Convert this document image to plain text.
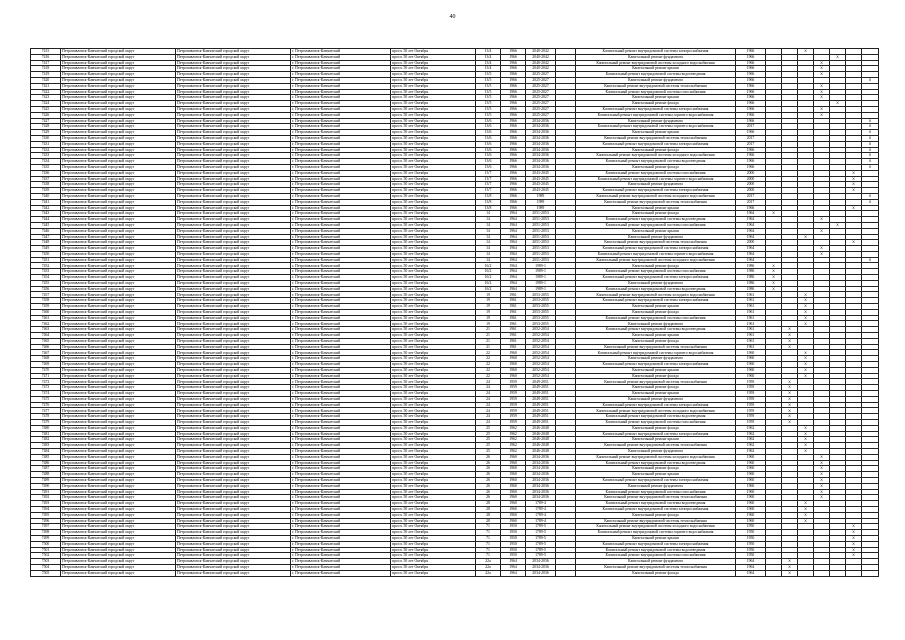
40
7415	Петропавловск-Камчатский городской округ	Петропавловск-Камчатский городской округ	г. Петропавловск-Камчатский	просп. 50 лет Октября	13/4	1966	2040-2042		Капитальный ремонт внутридомовой системы электроснабжения	1966			X				
7416	Петропавловск-Камчатский городской округ	Петропавловск-Камчатский городской округ	г. Петропавловск-Камчатский	просп. 50 лет Октября	13/4	1966	2040-2042		Капитальный ремонт фундамента	1966					X		
7417	Петропавловск-Камчатский городской округ	Петропавловск-Камчатский городской округ	г. Петропавловск-Камчатский	просп. 50 лет Октября	13/4	1966	2040-2042		Капитальный ремонт внутридомовой системы холодного водоснабжения	1966				X			
7418	Петропавловск-Камчатский городской округ	Петропавловск-Камчатский городской округ	г. Петропавловск-Камчатский	просп. 50 лет Октября	13/4	1966	2040-2042		Капитальный ремонт крыши	1966				X			
7419	Петропавловск-Камчатский городской округ	Петропавловск-Камчатский городской округ	г. Петропавловск-Камчатский	просп. 50 лет Октября	13/5	1966	2025-2027		Капитальный ремонт внутридомовой системы водоотведения	1966				X			
7420	Петропавловск-Камчатский городской округ	Петропавловск-Камчатский городской округ	г. Петропавловск-Камчатский	просп. 50 лет Октября	13/5	1966	2025-2027		Капитальный ремонт фундамента	1966							X
7421	Петропавловск-Камчатский городской округ	Петропавловск-Камчатский городской округ	г. Петропавловск-Камчатский	просп. 50 лет Октября	13/5	1966	2025-2027		Капитальный ремонт внутридомовой системы теплоснабжения	1966				X			
7422	Петропавловск-Камчатский городской округ	Петропавловск-Камчатский городской округ	г. Петропавловск-Камчатский	просп. 50 лет Октября	13/5	1966	2025-2027		Капитальный ремонт внутридомовой системы газоснабжения	1966				X			
7423	Петропавловск-Камчатский городской округ	Петропавловск-Камчатский городской округ	г. Петропавловск-Камчатский	просп. 50 лет Октября	13/5	1966	2025-2027		Капитальный ремонт крыши	1966				X			
7424	Петропавловск-Камчатский городской округ	Петропавловск-Камчатский городской округ	г. Петропавловск-Камчатский	просп. 50 лет Октября	13/5	1966	2025-2027		Капитальный ремонт фасада	1966					X		
7425	Петропавловск-Камчатский городской округ	Петропавловск-Камчатский городской округ	г. Петропавловск-Камчатский	просп. 50 лет Октября	13/5	1966	2025-2027		Капитальный ремонт внутридомовой системы электроснабжения	1966				X			
7426	Петропавловск-Камчатский городской округ	Петропавловск-Камчатский городской округ	г. Петропавловск-Камчатский	просп. 50 лет Октября	13/5	1966	2025-2027		Капитальный ремонт внутридомовой системы горячего водоснабжения	1966				X			
7427	Петропавловск-Камчатский городской округ	Петропавловск-Камчатский городской округ	г. Петропавловск-Камчатский	просп. 50 лет Октября	13/6	1966	2034-2036		Капитальный ремонт фундамента	1966							X
7428	Петропавловск-Камчатский городской округ	Петропавловск-Камчатский городской округ	г. Петропавловск-Камчатский	просп. 50 лет Октября	13/6	1966	2034-2036		Капитальный ремонт внутридомовой системы горячего водоснабжения	2017							X
7429	Петропавловск-Камчатский городской округ	Петропавловск-Камчатский городской округ	г. Петропавловск-Камчатский	просп. 50 лет Октября	13/6	1966	2034-2036		Капитальный ремонт крыши	1966							X
7430	Петропавловск-Камчатский городской округ	Петропавловск-Камчатский городской округ	г. Петропавловск-Камчатский	просп. 50 лет Октября	13/6	1966	2034-2036		Капитальный ремонт внутридомовой системы теплоснабжения	2017							X
7431	Петропавловск-Камчатский городской округ	Петропавловск-Камчатский городской округ	г. Петропавловск-Камчатский	просп. 50 лет Октября	13/6	1966	2034-2036		Капитальный ремонт внутридомовой системы электроснабжения	2017							X
7432	Петропавловск-Камчатский городской округ	Петропавловск-Камчатский городской округ	г. Петропавловск-Камчатский	просп. 50 лет Октября	13/6	1966	2034-2036		Капитальный ремонт фасада	1966							X
7433	Петропавловск-Камчатский городской округ	Петропавловск-Камчатский городской округ	г. Петропавловск-Камчатский	просп. 50 лет Октября	13/6	1966	2034-2036		Капитальный ремонт внутридомовой системы холодного водоснабжения	1966							X
7434	Петропавловск-Камчатский городской округ	Петропавловск-Камчатский городской округ	г. Петропавловск-Камчатский	просп. 50 лет Октября	13/6	1966	2034-2036		Капитальный ремонт внутридомовой системы водоотведения	1966							X
7435	Петропавловск-Камчатский городской округ	Петропавловск-Камчатский городской округ	г. Петропавловск-Камчатский	просп. 50 лет Октября	13/6	1966	2034-2036		Капитальный ремонт фасада	1966							X
7436	Петропавловск-Камчатский городской округ	Петропавловск-Камчатский городской округ	г. Петропавловск-Камчатский	просп. 50 лет Октября	13/7	1966	2043-2045		Капитальный ремонт внутридомовой системы газоснабжения	2000						X	
7437	Петропавловск-Камчатский городской округ	Петропавловск-Камчатский городской округ	г. Петропавловск-Камчатский	просп. 50 лет Октября	13/7	1966	2043-2045		Капитальный ремонт внутридомовой системы горячего водоснабжения	2000						X	
7438	Петропавловск-Камчатский городской округ	Петропавловск-Камчатский городской округ	г. Петропавловск-Камчатский	просп. 50 лет Октября	13/7	1966	2043-2045		Капитальный ремонт фундамента	2000						X	
7439	Петропавловск-Камчатский городской округ	Петропавловск-Камчатский городской округ	г. Петропавловск-Камчатский	просп. 50 лет Октября	13/7	1966	2043-2045		Капитальный ремонт внутридомовой системы электроснабжения	2000						X	
7440	Петропавловск-Камчатский городской округ	Петропавловск-Камчатский городской округ	г. Петропавловск-Камчатский	просп. 50 лет Октября	13/8	1966	1989		Капитальный ремонт внутридомовой системы холодного водоснабжения	2017							X
7441	Петропавловск-Камчатский городской округ	Петропавловск-Камчатский городской округ	г. Петропавловск-Камчатский	просп. 50 лет Октября	13/8	1966	1989		Капитальный ремонт внутридомовой системы теплоснабжения	2017							X
7442	Петропавловск-Камчатский городской округ	Петропавловск-Камчатский городской округ	г. Петропавловск-Камчатский	просп. 50 лет Октября	13/8	1966	1989		Капитальный ремонт крыши	1966						X	
7443	Петропавловск-Камчатский городской округ	Петропавловск-Камчатский городской округ	г. Петропавловск-Камчатский	просп. 50 лет Октября	14	1964	2051-2053		Капитальный ремонт фасада	1964	X						
7444	Петропавловск-Камчатский городской округ	Петропавловск-Камчатский городской округ	г. Петропавловск-Камчатский	просп. 50 лет Октября	14	1964	2051-2053		Капитальный ремонт внутридомовой системы водоотведения	1964				X			
7445	Петропавловск-Камчатский городской округ	Петропавловск-Камчатский городской округ	г. Петропавловск-Камчатский	просп. 50 лет Октября	14	1964	2051-2053		Капитальный ремонт внутридомовой системы газоснабжения	1964					X		
7446	Петропавловск-Камчатский городской округ	Петропавловск-Камчатский городской округ	г. Петропавловск-Камчатский	просп. 50 лет Октября	14	1964	2051-2053		Капитальный ремонт крыши	1964				X			
7447	Петропавловск-Камчатский городской округ	Петропавловск-Камчатский городской округ	г. Петропавловск-Камчатский	просп. 50 лет Октября	14	1964	2051-2053		Капитальный ремонт фундамента	1964			X				
7448	Петропавловск-Камчатский городской округ	Петропавловск-Камчатский городской округ	г. Петропавловск-Камчатский	просп. 50 лет Октября	14	1964	2051-2053		Капитальный ремонт внутридомовой системы теплоснабжения	2000						X	
7449	Петропавловск-Камчатский городской округ	Петропавловск-Камчатский городской округ	г. Петропавловск-Камчатский	просп. 50 лет Октября	14	1964	2051-2053		Капитальный ремонт внутридомовой системы электроснабжения	1964				X			
7450	Петропавловск-Камчатский городской округ	Петропавловск-Камчатский городской округ	г. Петропавловск-Камчатский	просп. 50 лет Октября	14	1964	2051-2053		Капитальный ремонт внутридомовой системы горячего водоснабжения	1964				X			
7451	Петропавловск-Камчатский городской округ	Петропавловск-Камчатский городской округ	г. Петропавловск-Камчатский	просп. 50 лет Октября	14	1964	2051-2053		Капитальный ремонт внутридомовой системы холодного водоснабжения	1964							X
7452	Петропавловск-Камчатский городской округ	Петропавловск-Камчатский городской округ	г. Петропавловск-Камчатский	просп. 50 лет Октября	16/2	1964	1989-1		Капитальный ремонт фасада	1986	X						
7453	Петропавловск-Камчатский городской округ	Петропавловск-Камчатский городской округ	г. Петропавловск-Камчатский	просп. 50 лет Октября	16/2	1964	1989-1		Капитальный ремонт внутридомовой системы газоснабжения	1986	X						
7454	Петропавловск-Камчатский городской округ	Петропавловск-Камчатский городской округ	г. Петропавловск-Камчатский	просп. 50 лет Октября	16/2	1964	1989-1		Капитальный ремонт внутридомовой системы электроснабжения	1986	X						
7455	Петропавловск-Камчатский городской округ	Петропавловск-Камчатский городской округ	г. Петропавловск-Камчатский	просп. 50 лет Октября	16/2	1964	1989-1		Капитальный ремонт фундамента	1986	X						
7456	Петропавловск-Камчатский городской округ	Петропавловск-Камчатский городской округ	г. Петропавловск-Камчатский	просп. 50 лет Октября	16/2	1964	1989-1		Капитальный ремонт внутридомовой системы водоотведения	1986	X						
7457	Петропавловск-Камчатский городской округ	Петропавловск-Камчатский городской округ	г. Петропавловск-Камчатский	просп. 50 лет Октября	19	1961	2053-2055		Капитальный ремонт внутридомовой системы холодного водоснабжения	1961			X				
7458	Петропавловск-Камчатский городской округ	Петропавловск-Камчатский городской округ	г. Петропавловск-Камчатский	просп. 50 лет Октября	19	1961	2053-2055		Капитальный ремонт внутридомовой системы электроснабжения	1961			X				
7459	Петропавловск-Камчатский городской округ	Петропавловск-Камчатский городской округ	г. Петропавловск-Камчатский	просп. 50 лет Октября	19	1961	2053-2055		Капитальный ремонт крыши	1961			X				
7460	Петропавловск-Камчатский городской округ	Петропавловск-Камчатский городской округ	г. Петропавловск-Камчатский	просп. 50 лет Октября	19	1961	2053-2055		Капитальный ремонт фасада	1961			X				
7461	Петропавловск-Камчатский городской округ	Петропавловск-Камчатский городской округ	г. Петропавловск-Камчатский	просп. 50 лет Октября	19	1961	2053-2055		Капитальный ремонт внутридомовой системы газоснабжения	1961			X				
7462	Петропавловск-Камчатский городской округ	Петропавловск-Камчатский городской округ	г. Петропавловск-Камчатский	просп. 50 лет Октября	19	1961	2053-2055		Капитальный ремонт фундамента	1961			X				
7463	Петропавловск-Камчатский городской округ	Петропавловск-Камчатский городской округ	г. Петропавловск-Камчатский	просп. 50 лет Октября	21	1961	2052-2054		Капитальный ремонт внутридомовой системы водоотведения	1961		X					
7464	Петропавловск-Камчатский городской округ	Петропавловск-Камчатский городской округ	г. Петропавловск-Камчатский	просп. 50 лет Октября	21	1961	2052-2054		Капитальный ремонт крыши	1961		X					
7465	Петропавловск-Камчатский городской округ	Петропавловск-Камчатский городской округ	г. Петропавловск-Камчатский	просп. 50 лет Октября	21	1961	2052-2054		Капитальный ремонт фасада	1961		X					
7466	Петропавловск-Камчатский городской округ	Петропавловск-Камчатский городской округ	г. Петропавловск-Камчатский	просп. 50 лет Октября	21	1961	2052-2054		Капитальный ремонт внутридомовой системы теплоснабжения	1961		X					
7467	Петропавловск-Камчатский городской округ	Петропавловск-Камчатский городской округ	г. Петропавловск-Камчатский	просп. 50 лет Октября	22	1960	2052-2054		Капитальный ремонт внутридомовой системы горячего водоснабжения	1960			X				
7468	Петропавловск-Камчатский городской округ	Петропавловск-Камчатский городской округ	г. Петропавловск-Камчатский	просп. 50 лет Октября	22	1960	2052-2054		Капитальный ремонт фундамента	1960			X				
7469	Петропавловск-Камчатский городской округ	Петропавловск-Камчатский городской округ	г. Петропавловск-Камчатский	просп. 50 лет Октября	22	1960	2052-2054		Капитальный ремонт внутридомовой системы электроснабжения	1960			X				
7470	Петропавловск-Камчатский городской округ	Петропавловск-Камчатский городской округ	г. Петропавловск-Камчатский	просп. 50 лет Октября	22	1960	2052-2054		Капитальный ремонт крыши	1960			X				
7471	Петропавловск-Камчатский городской округ	Петропавловск-Камчатский городской округ	г. Петропавловск-Камчатский	просп. 50 лет Октября	22	1960	2052-2054		Капитальный ремонт фасада	1960			X				
7472	Петропавловск-Камчатский городской округ	Петропавловск-Камчатский городской округ	г. Петропавловск-Камчатский	просп. 50 лет Октября	24	1959	2049-2051		Капитальный ремонт внутридомовой системы теплоснабжения	1959		X					
7473	Петропавловск-Камчатский городской округ	Петропавловск-Камчатский городской округ	г. Петропавловск-Камчатский	просп. 50 лет Октября	24	1959	2049-2051		Капитальный ремонт фасада	1959		X					
7474	Петропавловск-Камчатский городской округ	Петропавловск-Камчатский городской округ	г. Петропавловск-Камчатский	просп. 50 лет Октября	24	1959	2049-2051		Капитальный ремонт крыши	1959		X					
7475	Петропавловск-Камчатский городской округ	Петропавловск-Камчатский городской округ	г. Петропавловск-Камчатский	просп. 50 лет Октября	24	1959	2049-2051		Капитальный ремонт фундамента	1959		X					
7476	Петропавловск-Камчатский городской округ	Петропавловск-Камчатский городской округ	г. Петропавловск-Камчатский	просп. 50 лет Октября	24	1959	2049-2051		Капитальный ремонт внутридомовой системы электроснабжения	1959		X					
7477	Петропавловск-Камчатский городской округ	Петропавловск-Камчатский городской округ	г. Петропавловск-Камчатский	просп. 50 лет Октября	24	1959	2049-2051		Капитальный ремонт внутридомовой системы холодного водоснабжения	1959		X					
7478	Петропавловск-Камчатский городской округ	Петропавловск-Камчатский городской округ	г. Петропавловск-Камчатский	просп. 50 лет Октября	24	1959	2049-2051		Капитальный ремонт внутридомовой системы водоотведения	1959		X					
7479	Петропавловск-Камчатский городской округ	Петропавловск-Камчатский городской округ	г. Петропавловск-Камчатский	просп. 50 лет Октября	24	1959	2049-2051		Капитальный ремонт внутридомовой системы газоснабжения	1959		X					
7480	Петропавловск-Камчатский городской округ	Петропавловск-Камчатский городской округ	г. Петропавловск-Камчатский	просп. 50 лет Октября	25	1962	2046-2048		Капитальный ремонт фасада	1962			X				
7481	Петропавловск-Камчатский городской округ	Петропавловск-Камчатский городской округ	г. Петропавловск-Камчатский	просп. 50 лет Октября	25	1962	2046-2048		Капитальный ремонт внутридомовой системы электроснабжения	1962			X				
7482	Петропавловск-Камчатский городской округ	Петропавловск-Камчатский городской округ	г. Петропавловск-Камчатский	просп. 50 лет Октября	25	1962	2046-2048		Капитальный ремонт крыши	1962			X				
7483	Петропавловск-Камчатский городской округ	Петропавловск-Камчатский городской округ	г. Петропавловск-Камчатский	просп. 50 лет Октября	25	1962	2046-2048		Капитальный ремонт внутридомовой системы теплоснабжения	1962			X				
7484	Петропавловск-Камчатский городской округ	Петропавловск-Камчатский городской округ	г. Петропавловск-Камчатский	просп. 50 лет Октября	25	1962	2046-2048		Капитальный ремонт фундамента	1962			X				
7485	Петропавловск-Камчатский городской округ	Петропавловск-Камчатский городской округ	г. Петропавловск-Камчатский	просп. 50 лет Октября	26	1960	2034-2036		Капитальный ремонт внутридомовой системы холодного водоснабжения	1960				X			
7486	Петропавловск-Камчатский городской округ	Петропавловск-Камчатский городской округ	г. Петропавловск-Камчатский	просп. 50 лет Октября	26	1960	2034-2036		Капитальный ремонт внутридомовой системы водоотведения	1960				X			
7487	Петропавловск-Камчатский городской округ	Петропавловск-Камчатский городской округ	г. Петропавловск-Камчатский	просп. 50 лет Октября	26	1960	2034-2036		Капитальный ремонт фасада	1960				X			
7488	Петропавловск-Камчатский городской округ	Петропавловск-Камчатский городской округ	г. Петропавловск-Камчатский	просп. 50 лет Октября	26	1960	2034-2036		Капитальный ремонт крыши	1960				X			
7489	Петропавловск-Камчатский городской округ	Петропавловск-Камчатский городской округ	г. Петропавловск-Камчатский	просп. 50 лет Октября	26	1960	2034-2036		Капитальный ремонт внутридомовой системы электроснабжения	1960				X			
7490	Петропавловск-Камчатский городской округ	Петропавловск-Камчатский городской округ	г. Петропавловск-Камчатский	просп. 50 лет Октября	26	1960	2034-2036		Капитальный ремонт фундамента	1960				X			
7491	Петропавловск-Камчатский городской округ	Петропавловск-Камчатский городской округ	г. Петропавловск-Камчатский	просп. 50 лет Октября	26	1960	2034-2036		Капитальный ремонт внутридомовой системы газоснабжения	1960				X			
7492	Петропавловск-Камчатский городской округ	Петропавловск-Камчатский городской округ	г. Петропавловск-Камчатский	просп. 50 лет Октября	26	1960	2034-2036		Капитальный ремонт внутридомовой системы теплоснабжения	1960				X			
7493	Петропавловск-Камчатский городской округ	Петропавловск-Камчатский городской округ	г. Петропавловск-Камчатский	просп. 50 лет Октября	28	1960	1789-4		Капитальный ремонт внутридомовой системы водоотведения	1960			X				
7494	Петропавловск-Камчатский городской округ	Петропавловск-Камчатский городской округ	г. Петропавловск-Камчатский	просп. 50 лет Октября	28	1960	1789-4		Капитальный ремонт внутридомовой системы электроснабжения	1960			X				
7495	Петропавловск-Камчатский городской округ	Петропавловск-Камчатский городской округ	г. Петропавловск-Камчатский	просп. 50 лет Октября	28	1960	1789-4		Капитальный ремонт фасада	1960			X				
7496	Петропавловск-Камчатский городской округ	Петропавловск-Камчатский городской округ	г. Петропавловск-Камчатский	просп. 50 лет Октября	28	1960	1789-4		Капитальный ремонт внутридомовой системы теплоснабжения	1960			X				
7497	Петропавловск-Камчатский городской округ	Петропавловск-Камчатский городской округ	г. Петропавловск-Камчатский	просп. 50 лет Октября	71	1950	1789-5		Капитальный ремонт внутридомовой системы холодного водоснабжения	1950						X	
7498	Петропавловск-Камчатский городской округ	Петропавловск-Камчатский городской округ	г. Петропавловск-Камчатский	просп. 50 лет Октября	71	1950	1789-5		Капитальный ремонт внутридомовой системы горячего водоснабжения	1950						X	
7499	Петропавловск-Камчатский городской округ	Петропавловск-Камчатский городской округ	г. Петропавловск-Камчатский	просп. 50 лет Октября	71	1950	1789-5		Капитальный ремонт крыши	1950						X	
7500	Петропавловск-Камчатский городской округ	Петропавловск-Камчатский городской округ	г. Петропавловск-Камчатский	просп. 50 лет Октября	71	1950	1789-5		Капитальный ремонт внутридомовой системы электроснабжения	1950						X	
7501	Петропавловск-Камчатский городской округ	Петропавловск-Камчатский городской округ	г. Петропавловск-Камчатский	просп. 50 лет Октября	71	1950	1789-5		Капитальный ремонт внутридомовой системы водоотведения	1950						X	
7502	Петропавловск-Камчатский городской округ	Петропавловск-Камчатский городской округ	г. Петропавловск-Камчатский	просп. 50 лет Октября	71	1950	1789-5		Капитальный ремонт внутридомовой системы газоснабжения	1950						X	
7503	Петропавловск-Камчатский городской округ	Петропавловск-Камчатский городской округ	г. Петропавловск-Камчатский	просп. 50 лет Октября	22а	1964	2034-2036		Капитальный ремонт фундамента	1964		X					
7504	Петропавловск-Камчатский городской округ	Петропавловск-Камчатский городской округ	г. Петропавловск-Камчатский	просп. 50 лет Октября	22а	1964	2034-2036		Капитальный ремонт внутридомовой системы теплоснабжения	1964		X					
7505	Петропавловск-Камчатский городской округ	Петропавловск-Камчатский городской округ	г. Петропавловск-Камчатский	просп. 50 лет Октября	22а	1964	2034-2036		Капитальный ремонт фасада	1964		X					
